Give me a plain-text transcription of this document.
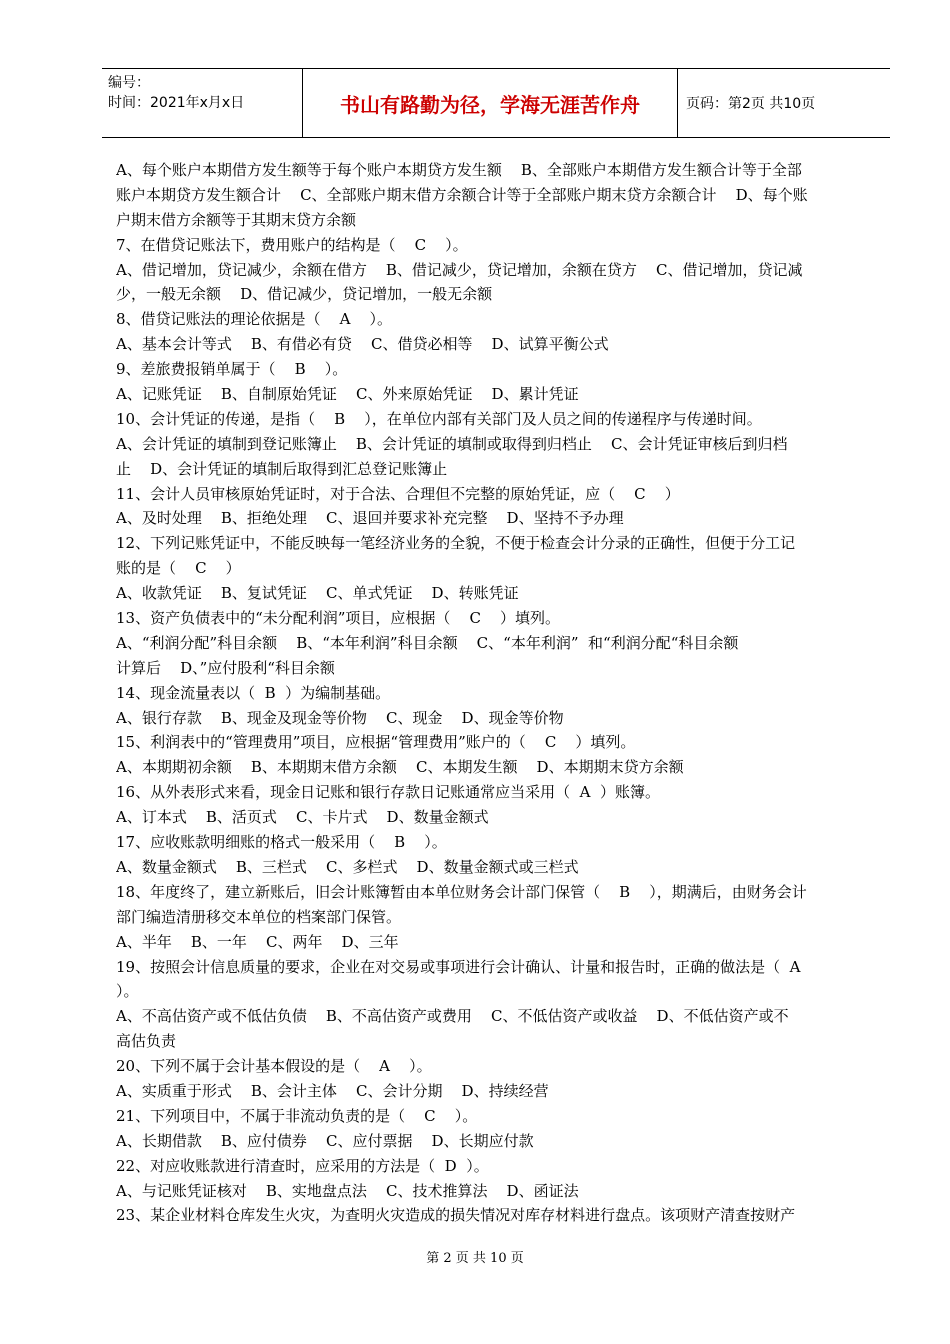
编号：
时间：2021年x月x日	书山有路勤为径，学海无涯苦作舟	页码：第2页 共10页
A、每个账户本期借方发生额等于每个账户本期贷方发生额    B、全部账户本期借方发生额合计等于全部
账户本期贷方发生额合计    C、全部账户期末借方余额合计等于全部账户期末贷方余额合计    D、每个账
户期末借方余额等于其期末贷方余额
7、在借贷记账法下，费用账户的结构是（    C    ）。
A、借记增加，贷记减少，余额在借方    B、借记减少，贷记增加，余额在贷方    C、借记增加，贷记减
少，一般无余额    D、借记减少，贷记增加，一般无余额
8、借贷记账法的理论依据是（    A    ）。
A、基本会计等式    B、有借必有贷    C、借贷必相等    D、试算平衡公式
9、差旅费报销单属于（    B    ）。
A、记账凭证    B、自制原始凭证    C、外来原始凭证    D、累计凭证
10、会计凭证的传递，是指（    B    ），在单位内部有关部门及人员之间的传递程序与传递时间。
A、会计凭证的填制到登记账簿止    B、会计凭证的填制或取得到归档止    C、会计凭证审核后到归档
止    D、会计凭证的填制后取得到汇总登记账簿止
11、会计人员审核原始凭证时，对于合法、合理但不完整的原始凭证，应（    C    ）
A、及时处理    B、拒绝处理    C、退回并要求补充完整    D、坚持不予办理
12、下列记账凭证中，不能反映每一笔经济业务的全貌，不便于检查会计分录的正确性，但便于分工记
账的是（    C    ）
A、收款凭证    B、复试凭证    C、单式凭证    D、转账凭证
13、资产负债表中的“未分配利润”项目，应根据（    C    ）填列。
A、“利润分配”科目余额    B、“本年利润”科目余额    C、“本年利润”  和“利润分配“科目余额
计算后    D、”应付股利“科目余额
14、现金流量表以（  B  ）为编制基础。
A、银行存款    B、现金及现金等价物    C、现金    D、现金等价物
15、利润表中的“管理费用”项目，应根据“管理费用”账户的（    C    ）填列。
A、本期期初余额    B、本期期末借方余额    C、本期发生额    D、本期期末贷方余额
16、从外表形式来看，现金日记账和银行存款日记账通常应当采用（  A  ）账簿。
A、订本式    B、活页式    C、卡片式    D、数量金额式
17、应收账款明细账的格式一般采用（    B    ）。
A、数量金额式    B、三栏式    C、多栏式    D、数量金额式或三栏式
18、年度终了，建立新账后，旧会计账簿暂由本单位财务会计部门保管（    B    ），期满后，由财务会计
部门编造清册移交本单位的档案部门保管。
A、半年    B、一年    C、两年    D、三年
19、按照会计信息质量的要求，企业在对交易或事项进行会计确认、计量和报告时，正确的做法是（  A
）。
A、不高估资产或不低估负债    B、不高估资产或费用    C、不低估资产或收益    D、不低估资产或不
高估负责
20、下列不属于会计基本假设的是（    A    ）。
A、实质重于形式    B、会计主体    C、会计分期    D、持续经营
21、下列项目中，不属于非流动负责的是（    C    ）。
A、长期借款    B、应付债券    C、应付票据    D、长期应付款
22、对应收账款进行清查时，应采用的方法是（  D  ）。
A、与记账凭证核对    B、实地盘点法    C、技术推算法    D、函证法
23、某企业材料仓库发生火灾，为查明火灾造成的损失情况对库存材料进行盘点。该项财产清查按财产
第 2 页 共 10 页
